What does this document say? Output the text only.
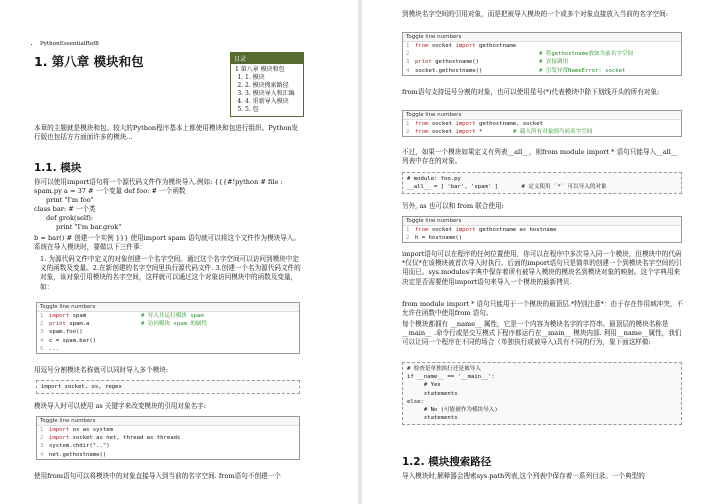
• PythonEssentialRef8
1. 第八章 模块和包	目录
1 第八章 模块和包
1. 1. 模块
2. 2. 模块搜索路径
3. 3. 模块导入和汇编
4. 4. 重新导入模块
5. 5. 包

本章的主题就是模块和包。较大的Python程序基本上都使用模块和包进行组织。Python发行版也包括方方面面许多的模块...

1.1. 模块

你可以使用import语句将一个源代码文件作为模块导入.例如: {{{#!python # file : spam.py a = 37 # 一个变量 def foo: # 一个函数

print "I'm foo"

class bar: # 一个类

def grok(self):

print "I'm bar.grok"

b = bar() # 创建一个实例 }}} 使用import spam 语句就可以将这个文件作为模块导入。系统在导入模块时，要做以下三件事：

1. 为源代码文件中定义的对象创建一个名字空间。通过这个名字空间可以访问到模块中定义的函数及变量。2.在新创建的名字空间里执行源代码文件. 3.创建一个名为源代码文件的对象，该对象引用模块的名字空间，这样就可以通过这个对象访问模块中的函数及变量，如：

Toggle line numbers
1 import spam	# 导入并运行模块 spam
2 print spam.a	# 访问模块 spam 的属性
3 spam.foo()
4 c = spam.bar()
5 ...

用逗号分割模块名称就可以同时导入多个模块:

import socket, os, regex

模块导入时可以使用 as 关键字来改变模块的引用对象名字:

Toggle line numbers
1 import os as system
2 import socket as net, thread as threads
3 system.chdir("..")
4 net.gethostname()

使用from语句可以将模块中的对象直接导入到当前的名字空间. from语句不创建一个

到模块名字空间的引用对象，而是把被导入模块的一个或多个对象直接放入当前的名字空间:

Toggle line numbers
1 from socket import gethostname
2	# 将gethostname放如当前名字空间
3 print gethostname()	# 直接调用
4 socket.gethostname()	# 引发异常NameError: socket

from语句支持逗号分割的对象，也可以使用星号(*)代表模块中除下划线开头的所有对象:

Toggle line numbers
1 from socket import gethostname, socket
2 from socket import *	# 载入所有对象到当前名字空间

不过，如果一个模块如果定义有列表__all__，则from module import * 语句只能导入__all__列表中存在的对象。

# module: foo.py
__all__ = [ 'bar', 'spam' ]       # 定义使用 `*` 可以导入的对象

另外, as 也可以和 from 联合使用:

Toggle line numbers
1 from socket import gethostname as hostname
2 h = hostname()

import语句可以在程序的任何位置使用，你可以在程序中多次导入同一个模块，但模块中的代码*仅仅*在该模块被首次导入时执行。后面的import语句只是简单的创建一个到模块名字空间的引用而已。sys.modules字典中保存着所有被导入模块的模块名到模块对象的映射。这个字典用来决定是否需要使用import语句来导入一个模块的最新拷贝.

from module import * 语句只能用于一个模块的最顶层.*特别注意*：由于存在作用域冲突，不允许在函数中使用from 语句。

每个模块都拥有 __name__ 属性，它是一个内容为模块名字的字符串。最顶层的模块名称是 __main__ .命令行或是交互模式下程序都运行在__main__ 模块内部. 利用__name__属性，我们可以让同一个程序在不同的场合（单独执行或被导入)具有不同的行为，象下面这样做:

# 检查是单独执行还是被导入
if __name__ == '__main__':
# Yes
statements
else:
# No (可能被作为模块导入)
statements
1.2. 模块搜索路径

导入模块时,解释器会搜索sys.path列表,这个列表中保存着一系列目录。一个典型的
